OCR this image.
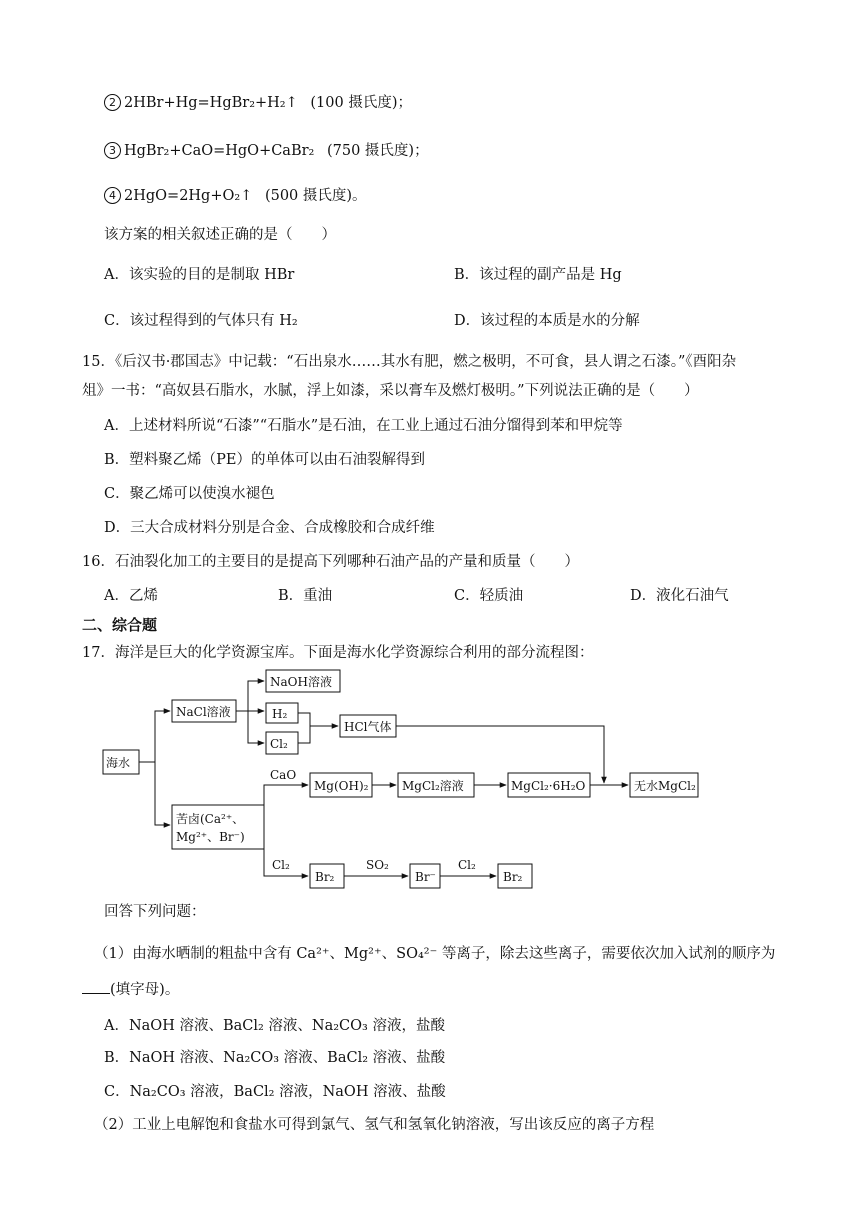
2 2HBr+Hg=HgBr₂+H₂↑ (100 摄氏度)；
3 HgBr₂+CaO=HgO+CaBr₂ (750 摄氏度)；
4 2HgO=2Hg+O₂↑ (500 摄氏度)。
该方案的相关叙述正确的是（　　）
A．该实验的目的是制取 HBr	B．该过程的副产品是 Hg
C．该过程得到的气体只有 H₂	D．该过程的本质是水的分解
15．《后汉书·郡国志》中记载：“石出泉水……其水有肥，燃之极明，不可食，县人谓之石漆。”《酉阳杂
俎》一书：“高奴县石脂水，水腻，浮上如漆，采以膏车及燃灯极明。”下列说法正确的是（　　）
A．上述材料所说“石漆”“石脂水”是石油，在工业上通过石油分馏得到苯和甲烷等
B．塑料聚乙烯（PE）的单体可以由石油裂解得到
C．聚乙烯可以使溴水褪色
D．三大合成材料分别是合金、合成橡胶和合成纤维
16．石油裂化加工的主要目的是提高下列哪种石油产品的产量和质量（　　）
A．乙烯	B．重油	C．轻质油	D．液化石油气
二、综合题
17．海洋是巨大的化学资源宝库。下面是海水化学资源综合利用的部分流程图：
海水
NaCl溶液
NaOH溶液
H₂
Cl₂
HCl气体
苦卤(Ca²⁺、
Mg²⁺、Br⁻)
CaO
Mg(OH)₂	MgCl₂溶液	MgCl₂·6H₂O	无水MgCl₂
Cl₂
Br₂
SO₂
Br⁻
Cl₂
Br₂
回答下列问题：
（1）由海水晒制的粗盐中含有 Ca²⁺、Mg²⁺、SO₄²⁻ 等离子，除去这些离子，需要依次加入试剂的顺序为
(填字母)。
A．NaOH 溶液、BaCl₂ 溶液、Na₂CO₃ 溶液，盐酸
B．NaOH 溶液、Na₂CO₃ 溶液、BaCl₂ 溶液、盐酸
C．Na₂CO₃ 溶液，BaCl₂ 溶液，NaOH 溶液、盐酸
（2）工业上电解饱和食盐水可得到氯气、氢气和氢氧化钠溶液，写出该反应的离子方程
